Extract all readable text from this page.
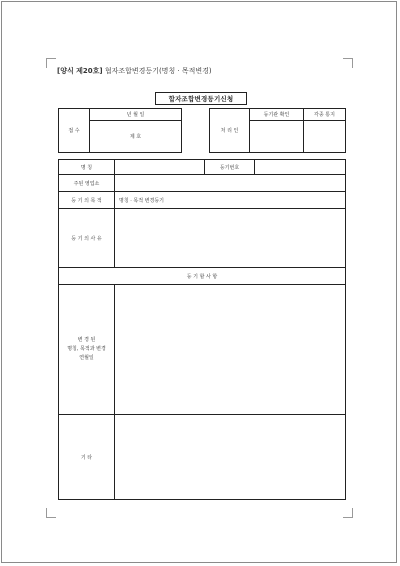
[양식 제20호] 협자조합변경등기(명칭 · 목적변경)
합자조합변경등기신청
접 수	년 월 일		처 리 인	등기관 확인	각종 통지
	제 호				
명 칭		등기번호	
주된 영업소			
등 기 의 목 적	명칭 · 목적 변경등기		
등 기 의 사 유			
등 기 할 사 항			

변 경 된
명칭, 목적과 변경
연월일			

기 타			
